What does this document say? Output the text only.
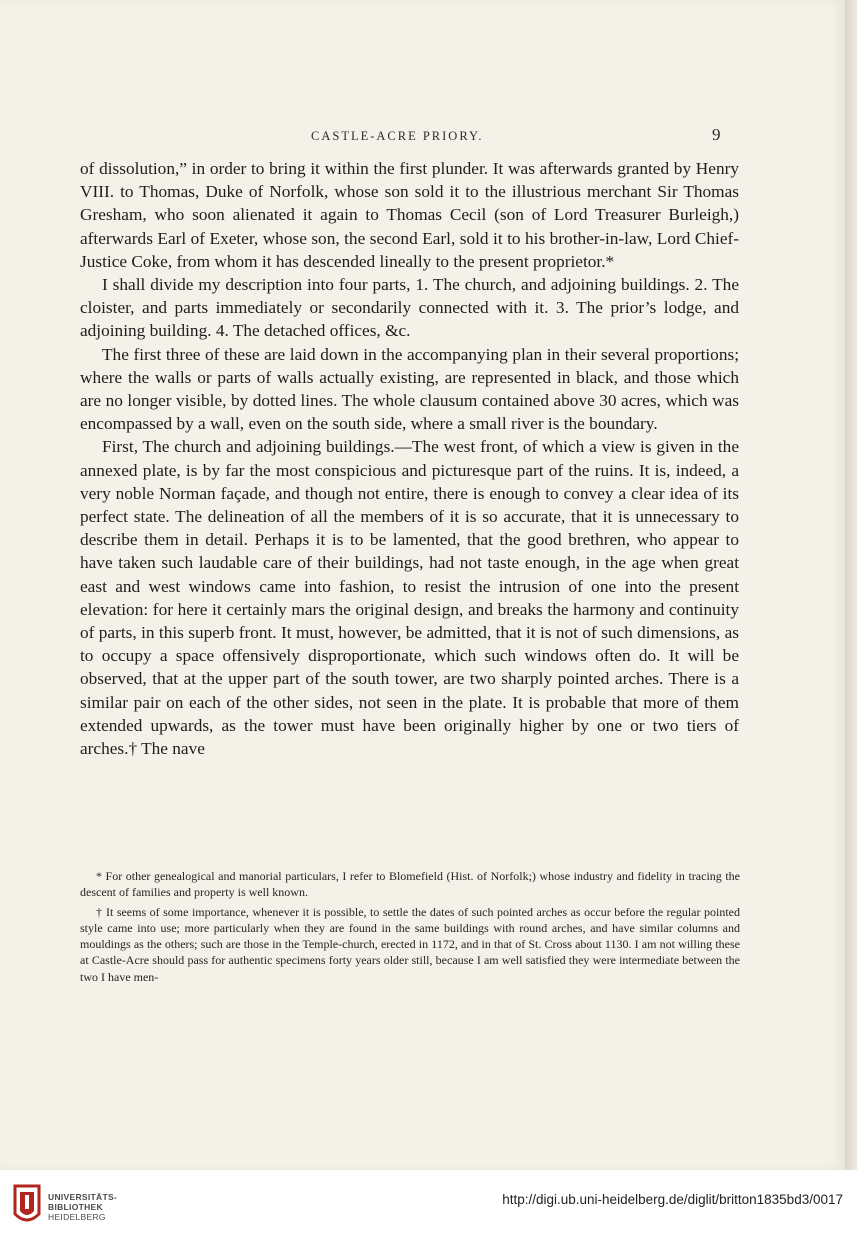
CASTLE-ACRE PRIORY.	9

of dissolution,” in order to bring it within the first plunder. It was afterwards granted by Henry VIII. to Thomas, Duke of Norfolk, whose son sold it to the illustrious merchant Sir Thomas Gresham, who soon alienated it again to Thomas Cecil (son of Lord Treasurer Burleigh,) afterwards Earl of Exeter, whose son, the second Earl, sold it to his brother-in-law, Lord Chief-Justice Coke, from whom it has descended lineally to the present proprietor.*

I shall divide my description into four parts, 1. The church, and adjoining buildings. 2. The cloister, and parts immediately or secondarily connected with it. 3. The prior’s lodge, and adjoining building. 4. The detached offices, &c.

The first three of these are laid down in the accompanying plan in their several proportions; where the walls or parts of walls actually existing, are represented in black, and those which are no longer visible, by dotted lines. The whole clausum contained above 30 acres, which was encompassed by a wall, even on the south side, where a small river is the boundary.

First, The church and adjoining buildings.—The west front, of which a view is given in the annexed plate, is by far the most conspicious and picturesque part of the ruins. It is, indeed, a very noble Norman façade, and though not entire, there is enough to convey a clear idea of its perfect state. The delineation of all the members of it is so accurate, that it is unnecessary to describe them in detail. Perhaps it is to be lamented, that the good brethren, who appear to have taken such laudable care of their buildings, had not taste enough, in the age when great east and west windows came into fashion, to resist the intrusion of one into the present elevation: for here it certainly mars the original design, and breaks the harmony and continuity of parts, in this superb front. It must, however, be admitted, that it is not of such dimensions, as to occupy a space offensively disproportionate, which such windows often do. It will be observed, that at the upper part of the south tower, are two sharply pointed arches. There is a similar pair on each of the other sides, not seen in the plate. It is probable that more of them extended upwards, as the tower must have been originally higher by one or two tiers of arches.† The nave

* For other genealogical and manorial particulars, I refer to Blomefield (Hist. of Norfolk;) whose industry and fidelity in tracing the descent of families and property is well known.

† It seems of some importance, whenever it is possible, to settle the dates of such pointed arches as occur before the regular pointed style came into use; more particularly when they are found in the same buildings with round arches, and have similar columns and mouldings as the others; such are those in the Temple-church, erected in 1172, and in that of St. Cross about 1130. I am not willing these at Castle-Acre should pass for authentic specimens forty years older still, because I am well satisfied they were intermediate between the two I have men-

UNIVERSITÄTS-
BIBLIOTHEK
HEIDELBERG
http://digi.ub.uni-heidelberg.de/diglit/britton1835bd3/0017
